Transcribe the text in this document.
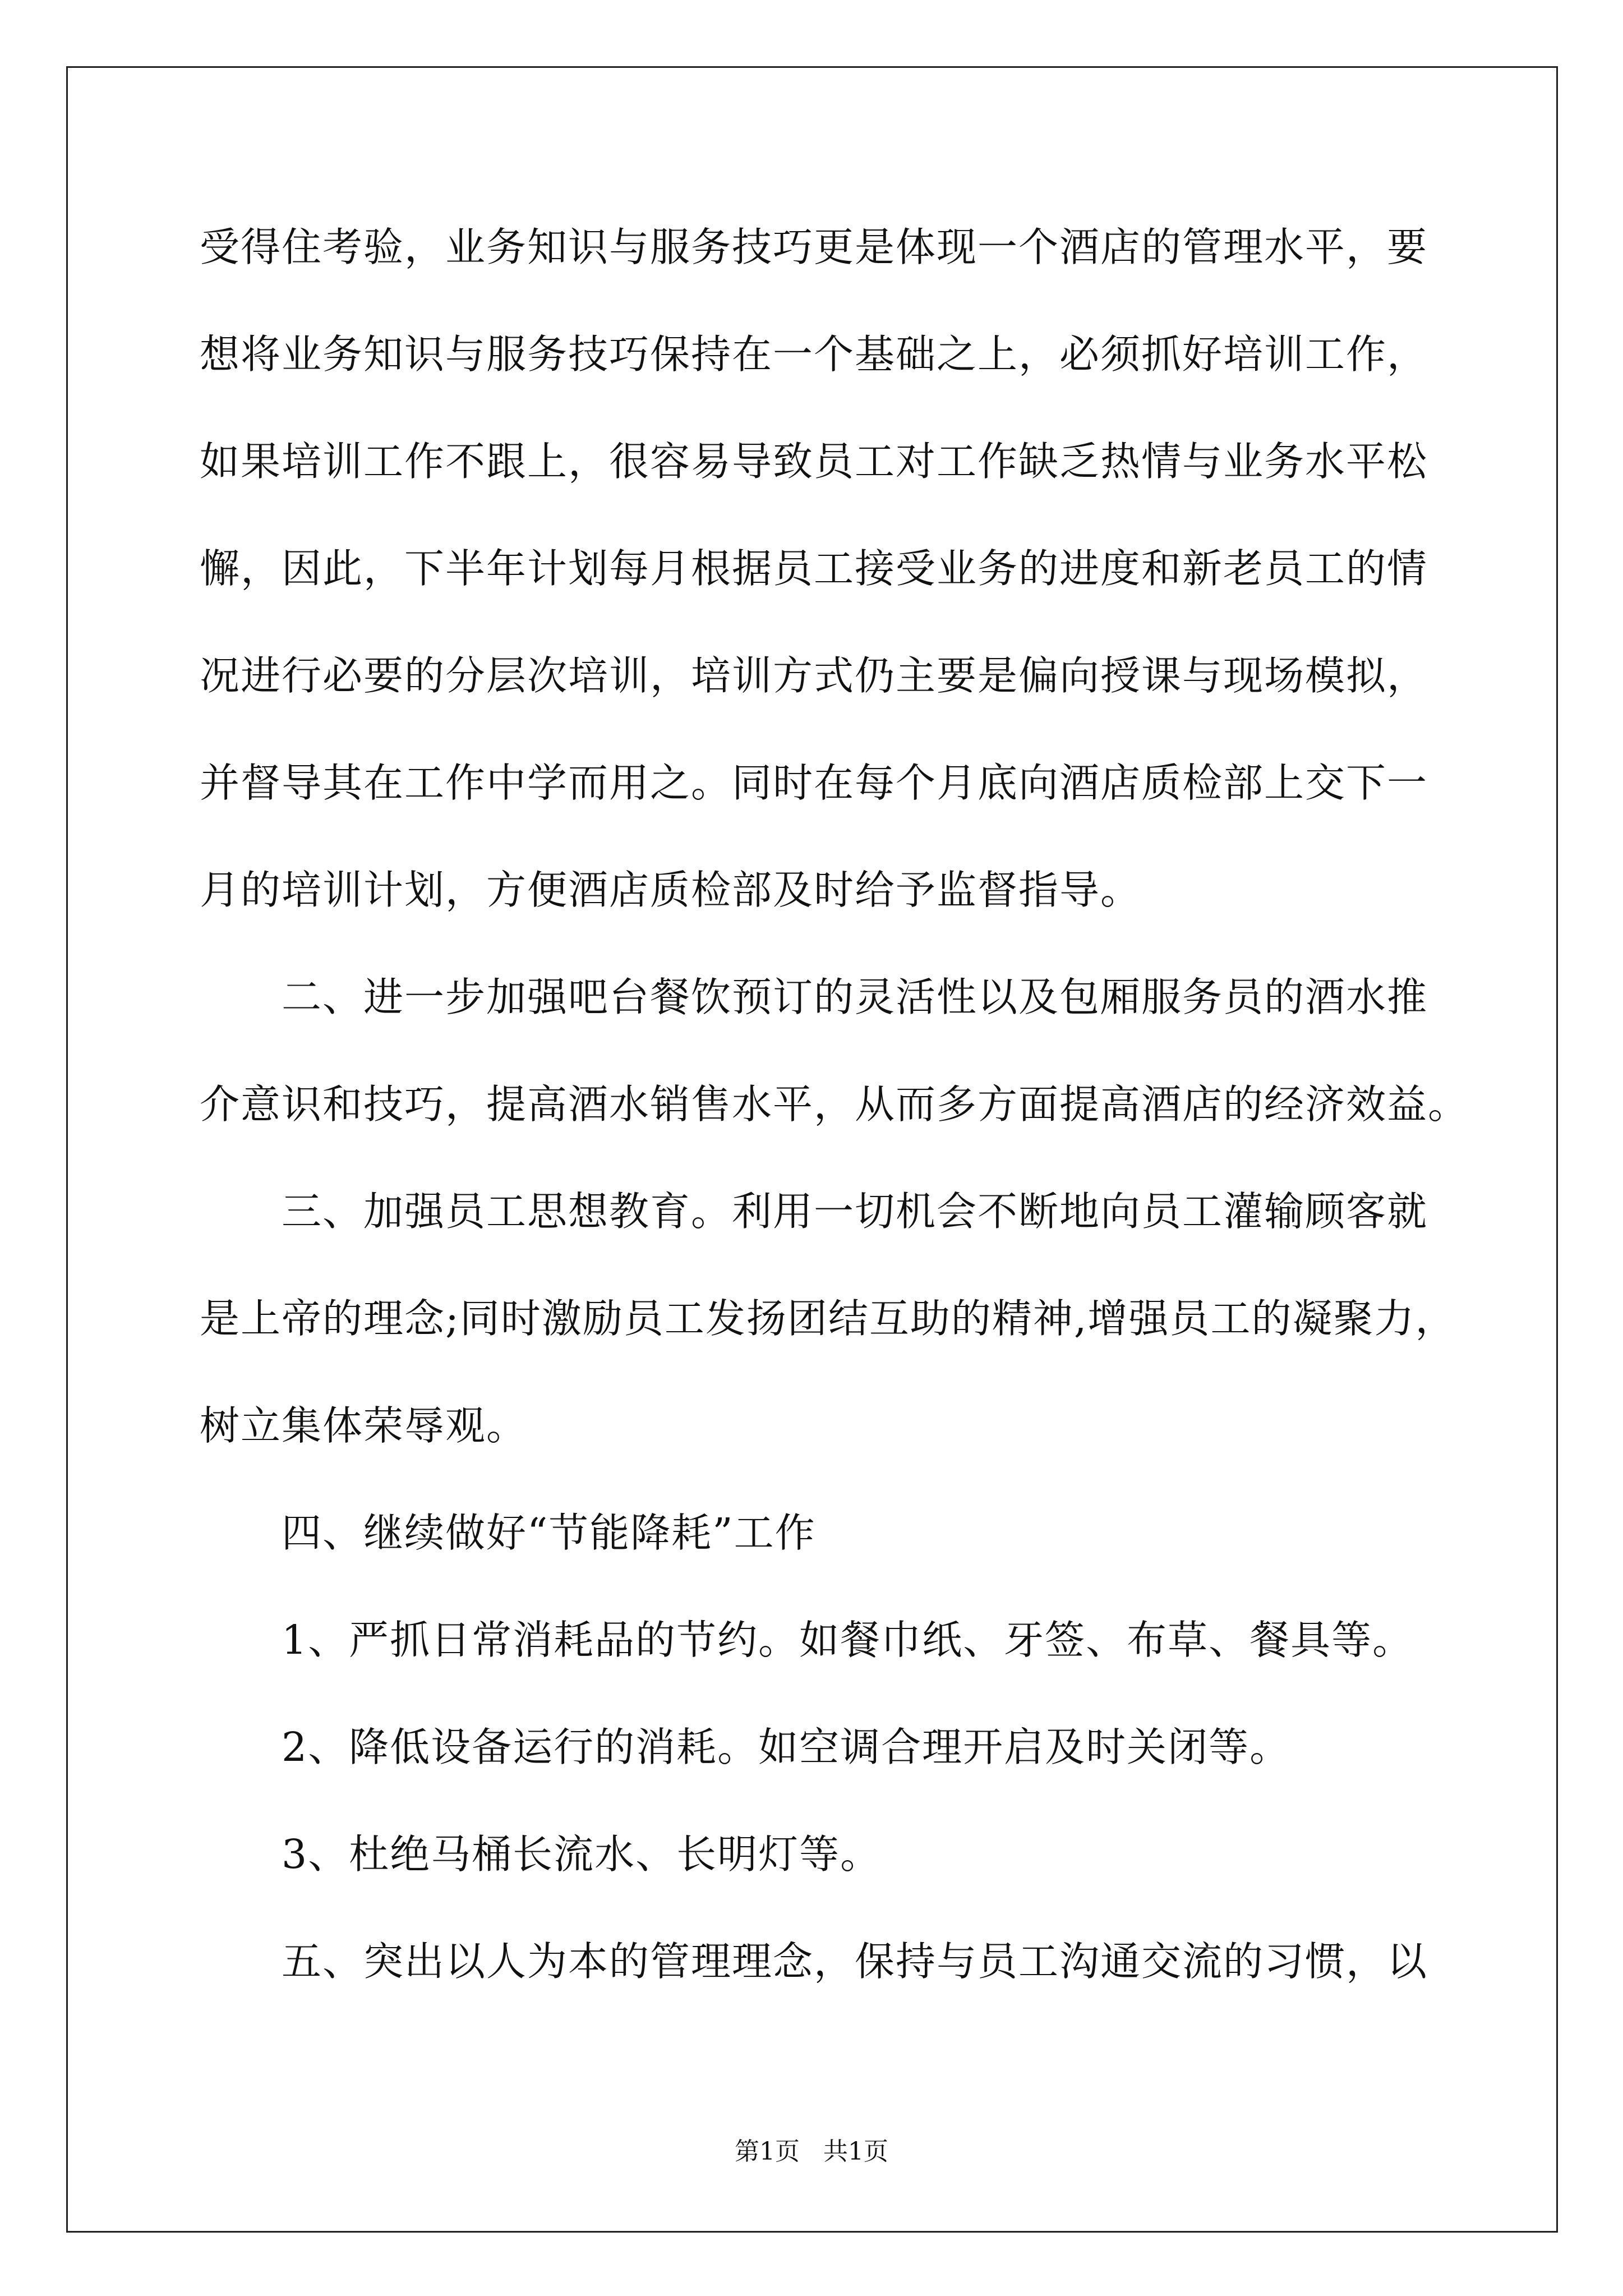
受得住考验，业务知识与服务技巧更是体现一个酒店的管理水平，要
想将业务知识与服务技巧保持在一个基础之上，必须抓好培训工作，
如果培训工作不跟上，很容易导致员工对工作缺乏热情与业务水平松
懈，因此，下半年计划每月根据员工接受业务的进度和新老员工的情
况进行必要的分层次培训，培训方式仍主要是偏向授课与现场模拟，
并督导其在工作中学而用之。同时在每个月底向酒店质检部上交下一
月的培训计划，方便酒店质检部及时给予监督指导。
　　二、进一步加强吧台餐饮预订的灵活性以及包厢服务员的酒水推
介意识和技巧，提高酒水销售水平，从而多方面提高酒店的经济效益。
　　三、加强员工思想教育。利用一切机会不断地向员工灌输顾客就
是上帝的理念;同时激励员工发扬团结互助的精神,增强员工的凝聚力，
树立集体荣辱观。
　　四、继续做好“节能降耗”工作
　　1、严抓日常消耗品的节约。如餐巾纸、牙签、布草、餐具等。
　　2、降低设备运行的消耗。如空调合理开启及时关闭等。
　　3、杜绝马桶长流水、长明灯等。
　　五、突出以人为本的管理理念，保持与员工沟通交流的习惯，以
第1页 共1页
